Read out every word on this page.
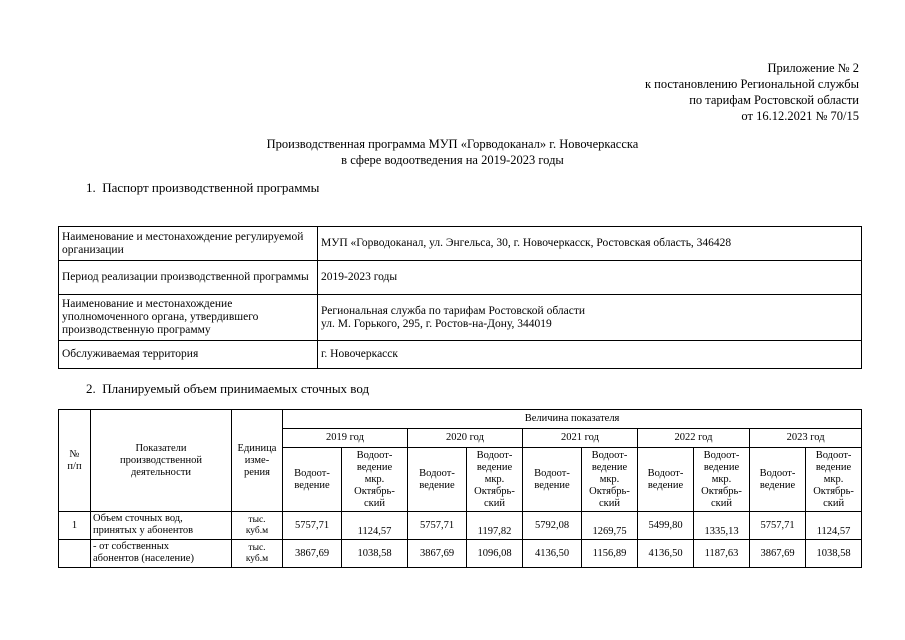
Приложение № 2
к постановлению Региональной службы
по тарифам Ростовской области
от 16.12.2021 № 70/15
Производственная программа МУП «Горводоканал» г. Новочеркасска
в сфере водоотведения на 2019-2023 годы
1. Паспорт производственной программы
Наименование и местонахождение регулируемой организации	МУП «Горводоканал, ул. Энгельса, 30, г. Новочеркасск, Ростовская область, 346428
Период реализации производственной программы	2019-2023 годы
Наименование и местонахождение уполномоченного органа, утвердившего производственную программу	Региональная служба по тарифам Ростовской области
ул. М. Горького, 295, г. Ростов-на-Дону, 344019
Обслуживаемая территория	г. Новочеркасск
2. Планируемый объем принимаемых сточных вод
№
п/п	Показатели
производственной
деятельности	Единица
изме-
рения	Величина показателя									
			2019 год		2020 год		2021 год		2022 год		2023 год	
			Водоот-
ведение	Водоот-
ведение
мкр.
Октябрь-
ский	Водоот-
ведение	Водоот-
ведение
мкр.
Октябрь-
ский	Водоот-
ведение	Водоот-
ведение
мкр.
Октябрь-
ский	Водоот-
ведение	Водоот-
ведение
мкр.
Октябрь-
ский	Водоот-
ведение	Водоот-
ведение
мкр.
Октябрь-
ский
1	Объем сточных вод,
принятых у абонентов	тыс.
куб.м	5757,71	1124,57	5757,71	1197,82	5792,08	1269,75	5499,80	1335,13	5757,71	1124,57
	- от собственных
абонентов (население)	тыс.
куб.м	3867,69	1038,58	3867,69	1096,08	4136,50	1156,89	4136,50	1187,63	3867,69	1038,58
